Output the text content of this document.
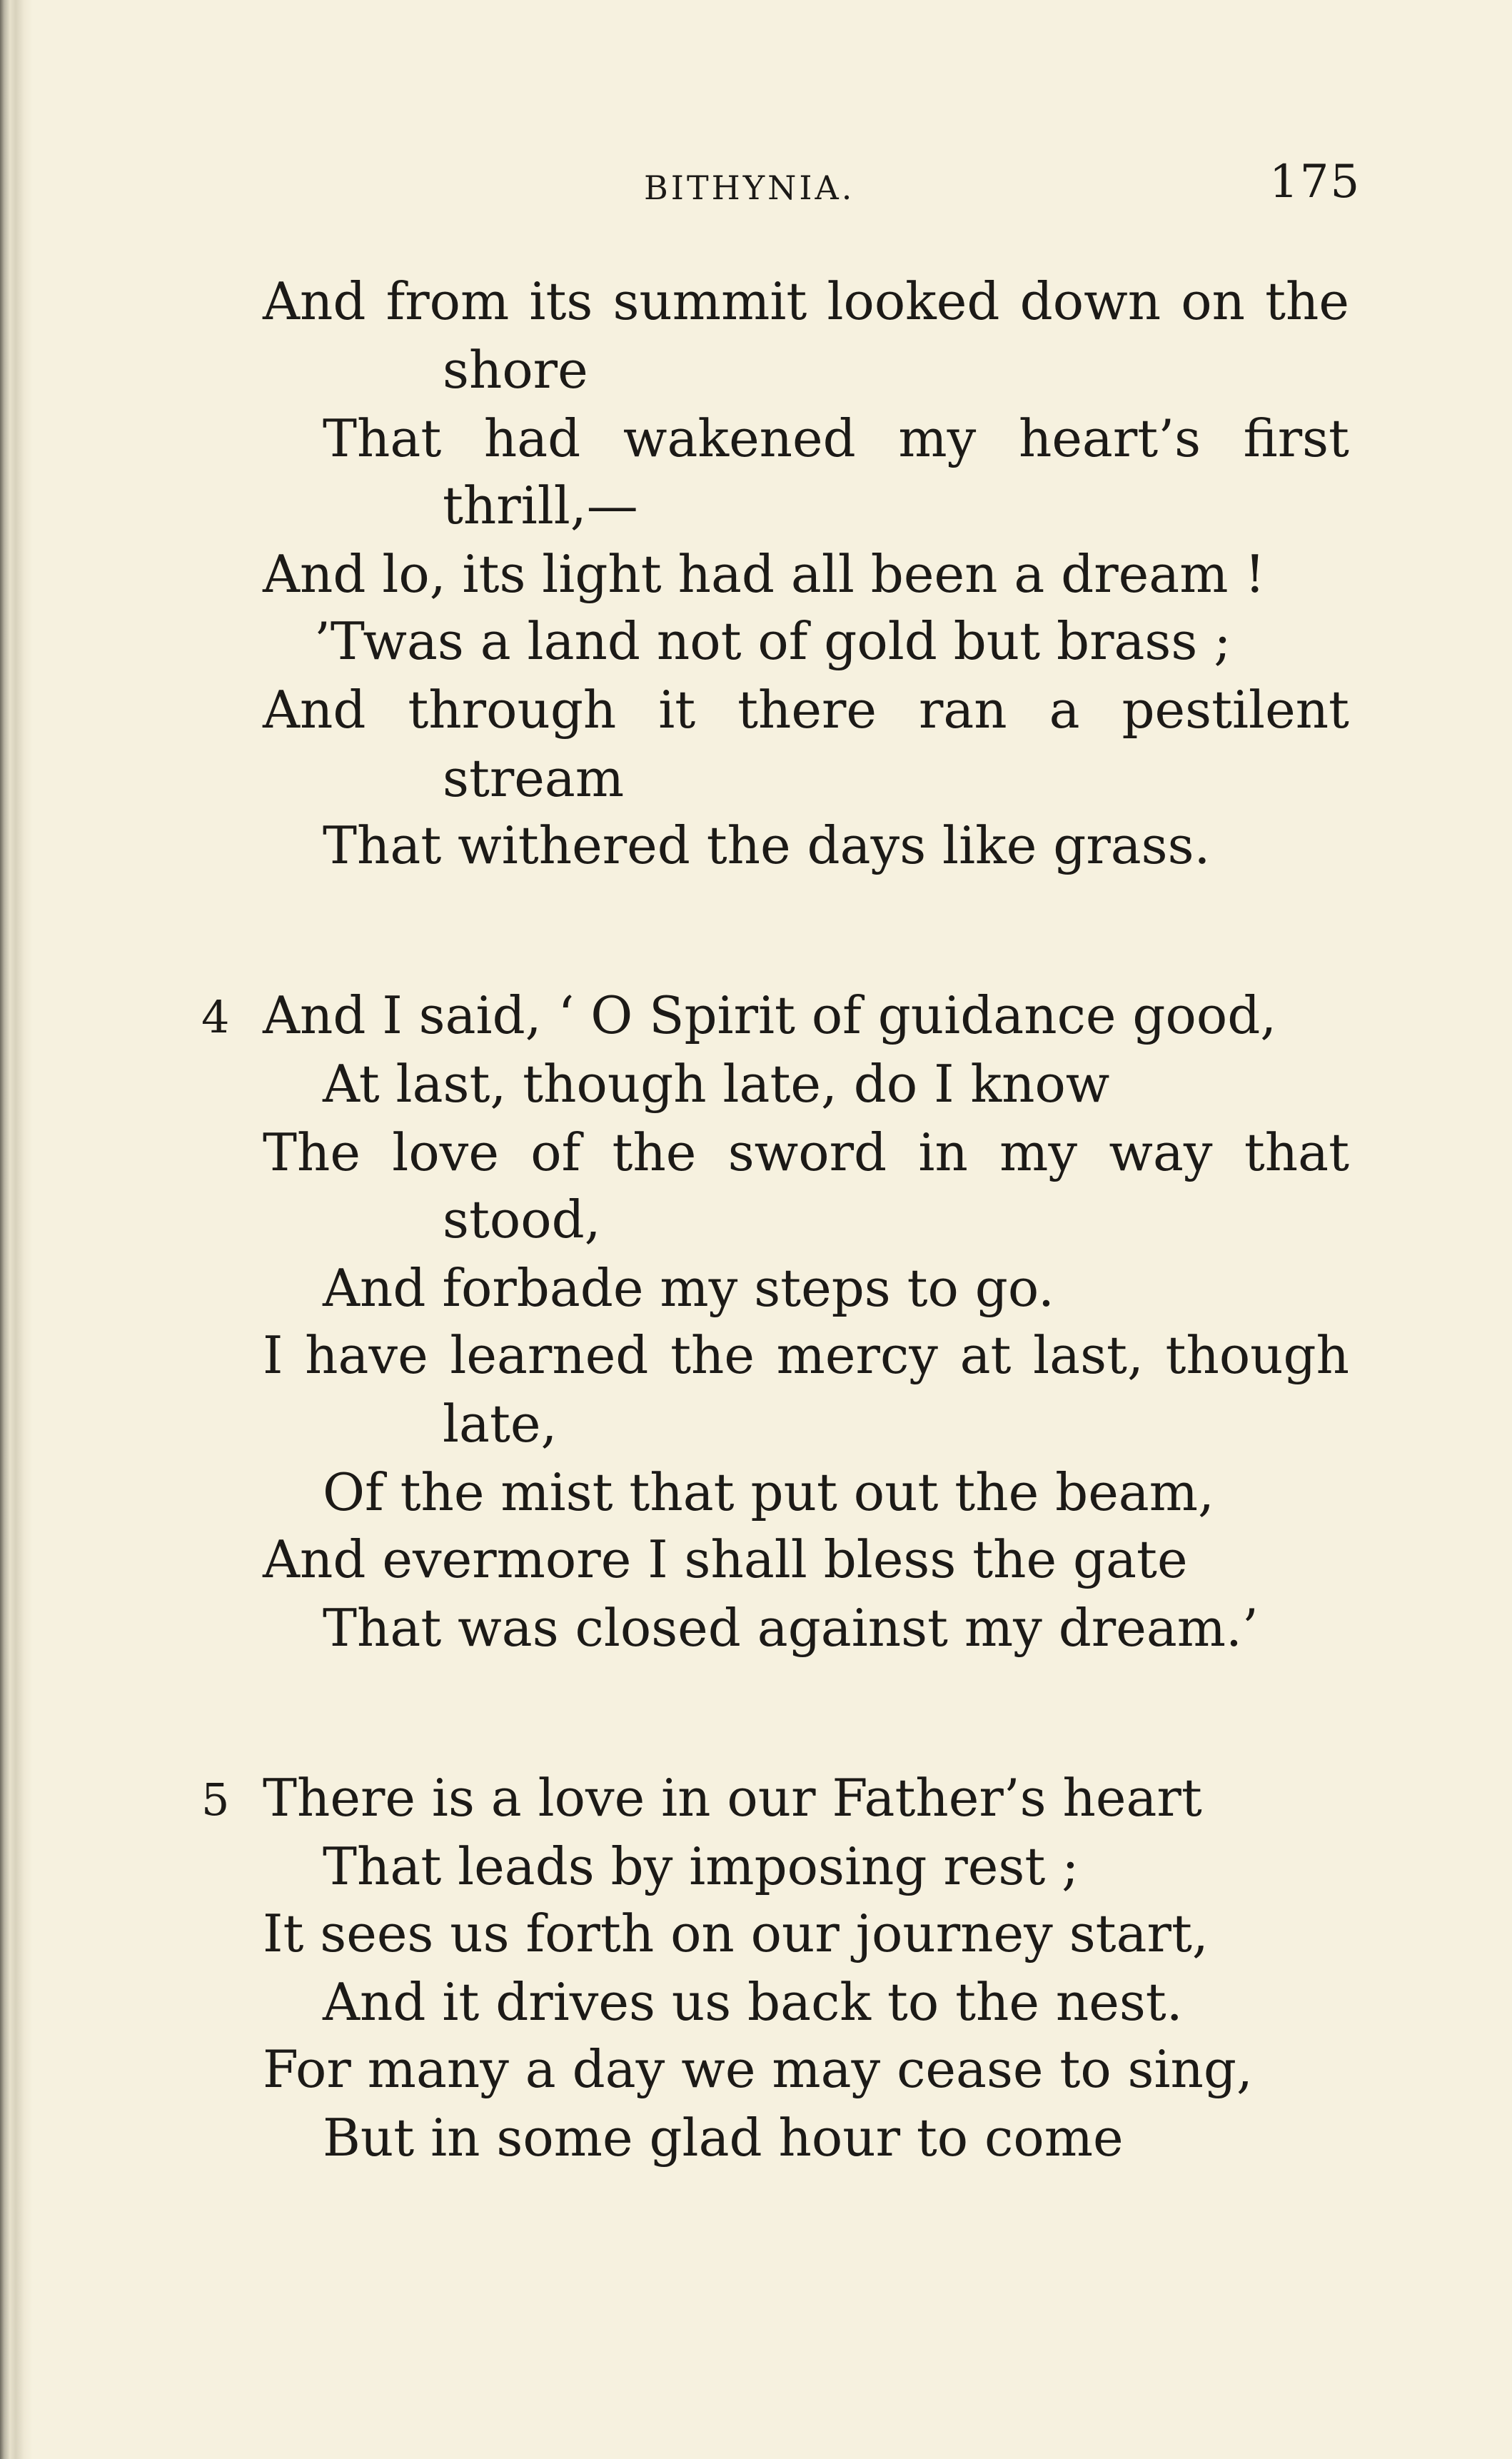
BITHYNIA.	175
And from its summit looked down on the
shore
That had wakened my heart’s first
thrill,—
And lo, its light had all been a dream !
’Twas a land not of gold but brass ;
And through it there ran a pestilent
stream
That withered the days like grass.
4 And I said, ‘ O Spirit of guidance good,
At last, though late, do I know
The love of the sword in my way that
stood,
And forbade my steps to go.
I have learned the mercy at last, though
late,
Of the mist that put out the beam,
And evermore I shall bless the gate
That was closed against my dream.’
5 There is a love in our Father’s heart
That leads by imposing rest ;
It sees us forth on our journey start,
And it drives us back to the nest.
For many a day we may cease to sing,
But in some glad hour to come
